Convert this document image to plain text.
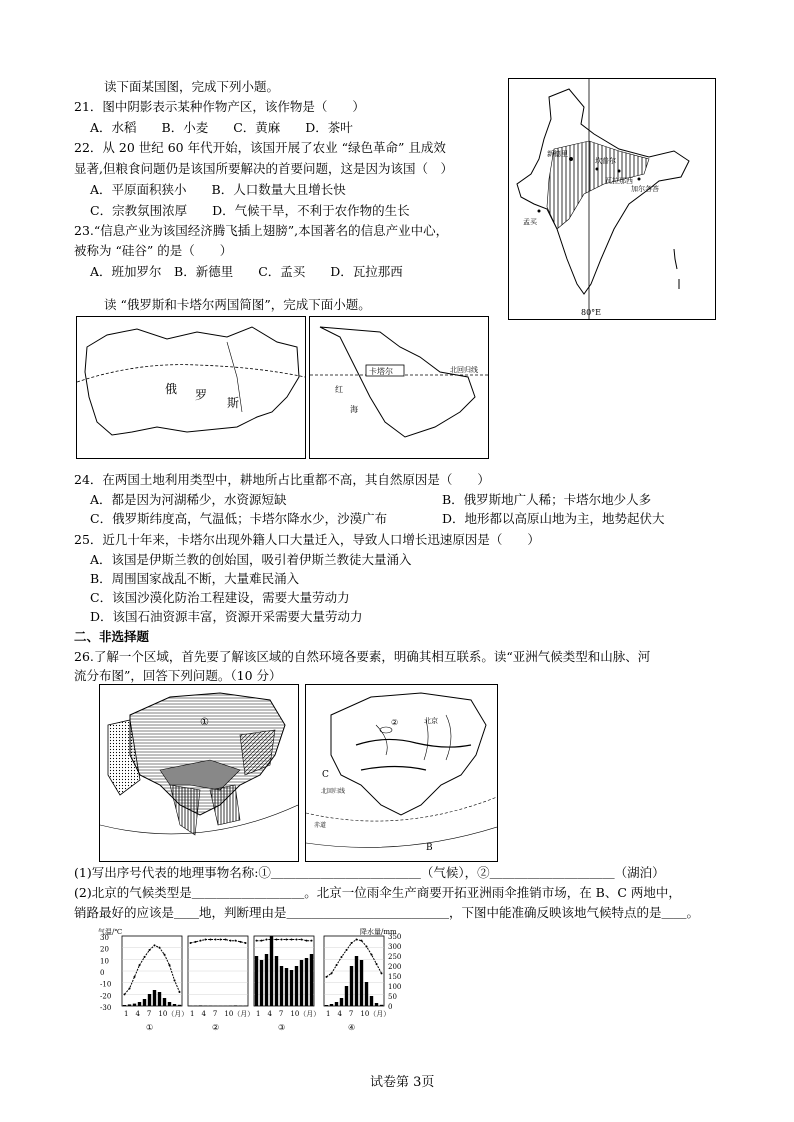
读下面某国图，完成下列小题。
21．图中阴影表示某种作物产区，该作物是（　　）
A．水稻　　B．小麦　　C．黄麻　　D．茶叶
22．从 20 世纪 60 年代开始，该国开展了农业 “绿色革命” 且成效
显著,但粮食问题仍是该国所要解决的首要问题，这是因为该国（　）
A．平原面积狭小　　B．人口数量大且增长快
C．宗教氛围浓厚　　D．气候干旱，不利于农作物的生长
23.“信息产业为该国经济腾飞插上翅膀”,本国著名的信息产业中心，
被称为 “硅谷” 的是（　　）
A．班加罗尔　B．新德里　　C．孟买　　D．瓦拉那西
新德里
坎普尔
瓦拉那西
加尔各答
孟买
80°E
读 “俄罗斯和卡塔尔两国简图”，完成下面小题。
俄 罗
斯
卡塔尔
红
海
北回归线
24．在两国土地利用类型中，耕地所占比重都不高，其自然原因是（　　）
A．都是因为河湖稀少，水资源短缺	B．俄罗斯地广人稀；卡塔尔地少人多
C．俄罗斯纬度高，气温低；卡塔尔降水少，沙漠广布	D．地形都以高原山地为主，地势起伏大
25．近几十年来，卡塔尔出现外籍人口大量迁入，导致人口增长迅速原因是（　　）
A．该国是伊斯兰教的创始国，吸引着伊斯兰教徒大量涌入
B．周围国家战乱不断，大量难民涌入
C．该国沙漠化防治工程建设，需要大量劳动力
D．该国石油资源丰富，资源开采需要大量劳动力
二、非选择题
26.了解一个区域，首先要了解该区域的自然环境各要素，明确其相互联系。读“亚洲气候类型和山脉、河
流分布图”，回答下列问题。（10 分）
①	北京
C
B
赤道
北回归线
②
(1)写出序号代表的地理事物名称:①＿＿＿＿＿＿＿＿＿＿＿＿（气候），②＿＿＿＿＿＿＿＿＿＿（湖泊）
(2)北京的气候类型是＿＿＿＿＿＿＿＿＿。北京一位雨伞生产商要开拓亚洲雨伞推销市场，在 B、C 两地中，
销路最好的应该是＿＿地，判断理由是＿＿＿＿＿＿＿＿＿＿＿＿＿，下图中能准确反映该地气候特点的是＿＿。
气温/℃	降水量/mm
30
20
10
0
-10
-20
-30
350
300
250
200
150
100
50
0
1　4　7　10（月）
①
1　4　7　10（月）
②
1　4　7　10（月）
③
1　4　7　10（月）
④
试卷第 3页
